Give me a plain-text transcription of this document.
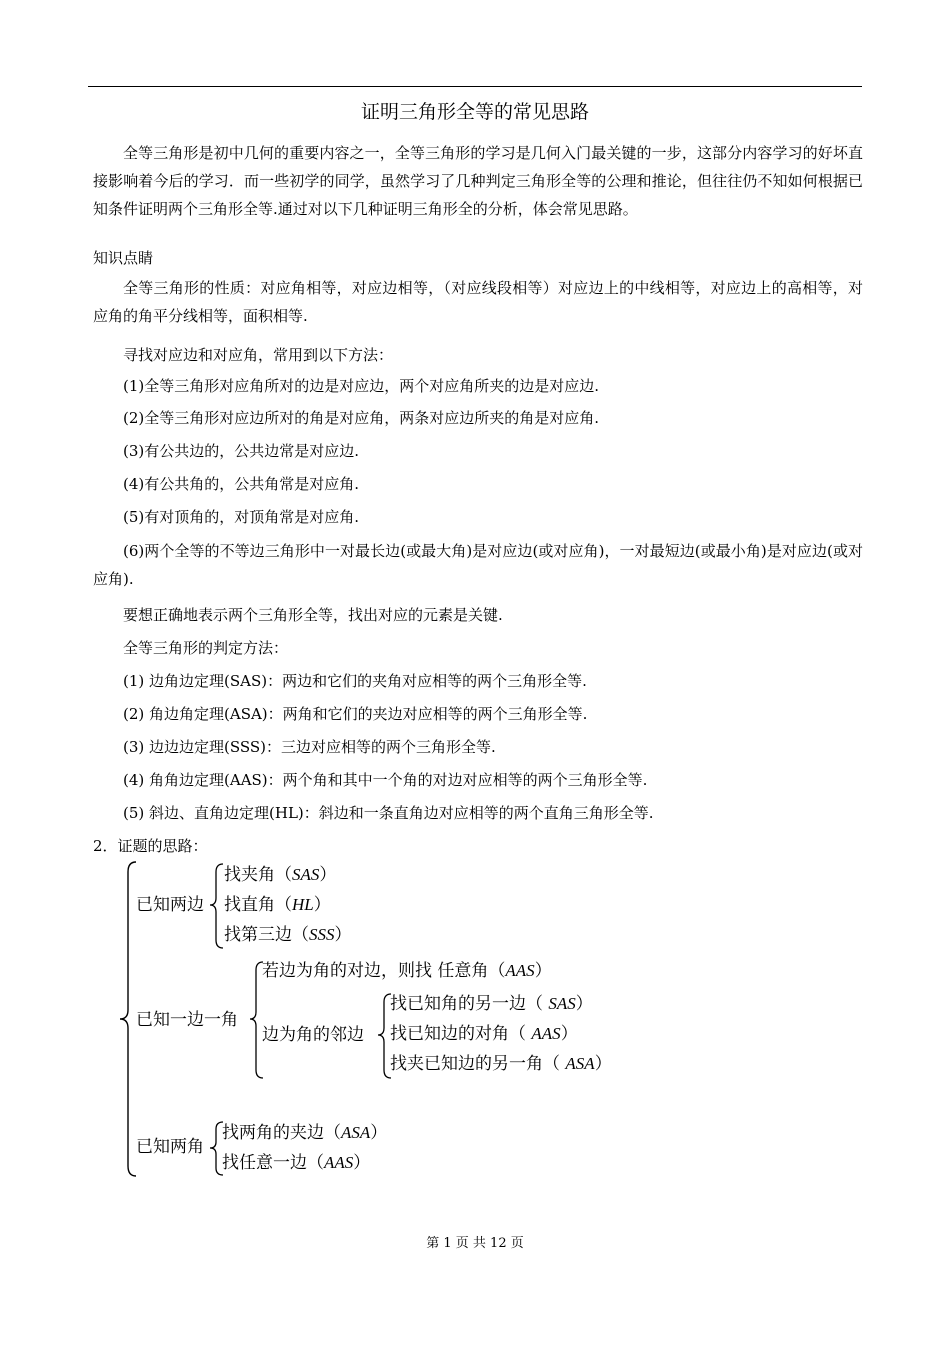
证明三角形全等的常见思路
全等三角形是初中几何的重要内容之一，全等三角形的学习是几何入门最关键的一步，这部分内容学习的好坏直接影响着今后的学习．而一些初学的同学，虽然学习了几种判定三角形全等的公理和推论，但往往仍不知如何根据已知条件证明两个三角形全等.通过对以下几种证明三角形全的分析，体会常见思路。
知识点睛
全等三角形的性质：对应角相等，对应边相等，（对应线段相等）对应边上的中线相等，对应边上的高相等，对应角的角平分线相等，面积相等.
寻找对应边和对应角，常用到以下方法：
(1)全等三角形对应角所对的边是对应边，两个对应角所夹的边是对应边.
(2)全等三角形对应边所对的角是对应角，两条对应边所夹的角是对应角.
(3)有公共边的，公共边常是对应边.
(4)有公共角的，公共角常是对应角.
(5)有对顶角的，对顶角常是对应角.
(6)两个全等的不等边三角形中一对最长边(或最大角)是对应边(或对应角)，一对最短边(或最小角)是对应边(或对应角).
要想正确地表示两个三角形全等，找出对应的元素是关键.
全等三角形的判定方法：
(1) 边角边定理(SAS)：两边和它们的夹角对应相等的两个三角形全等.
(2) 角边角定理(ASA)：两角和它们的夹边对应相等的两个三角形全等.
(3) 边边边定理(SSS)：三边对应相等的两个三角形全等.
(4) 角角边定理(AAS)：两个角和其中一个角的对边对应相等的两个三角形全等.
(5) 斜边、直角边定理(HL)：斜边和一条直角边对应相等的两个直角三角形全等.
2．证题的思路：
已知两边
找夹角（SAS）
找直角（HL）
找第三边（SSS）
已知一边一角
若边为角的对边，则找 任意角（AAS）
边为角的邻边
找已知角的另一边（ SAS）
找已知边的对角（ AAS）
找夹已知边的另一角（ ASA）
已知两角
找两角的夹边（ASA）
找任意一边（AAS）
第 1 页 共 12 页
